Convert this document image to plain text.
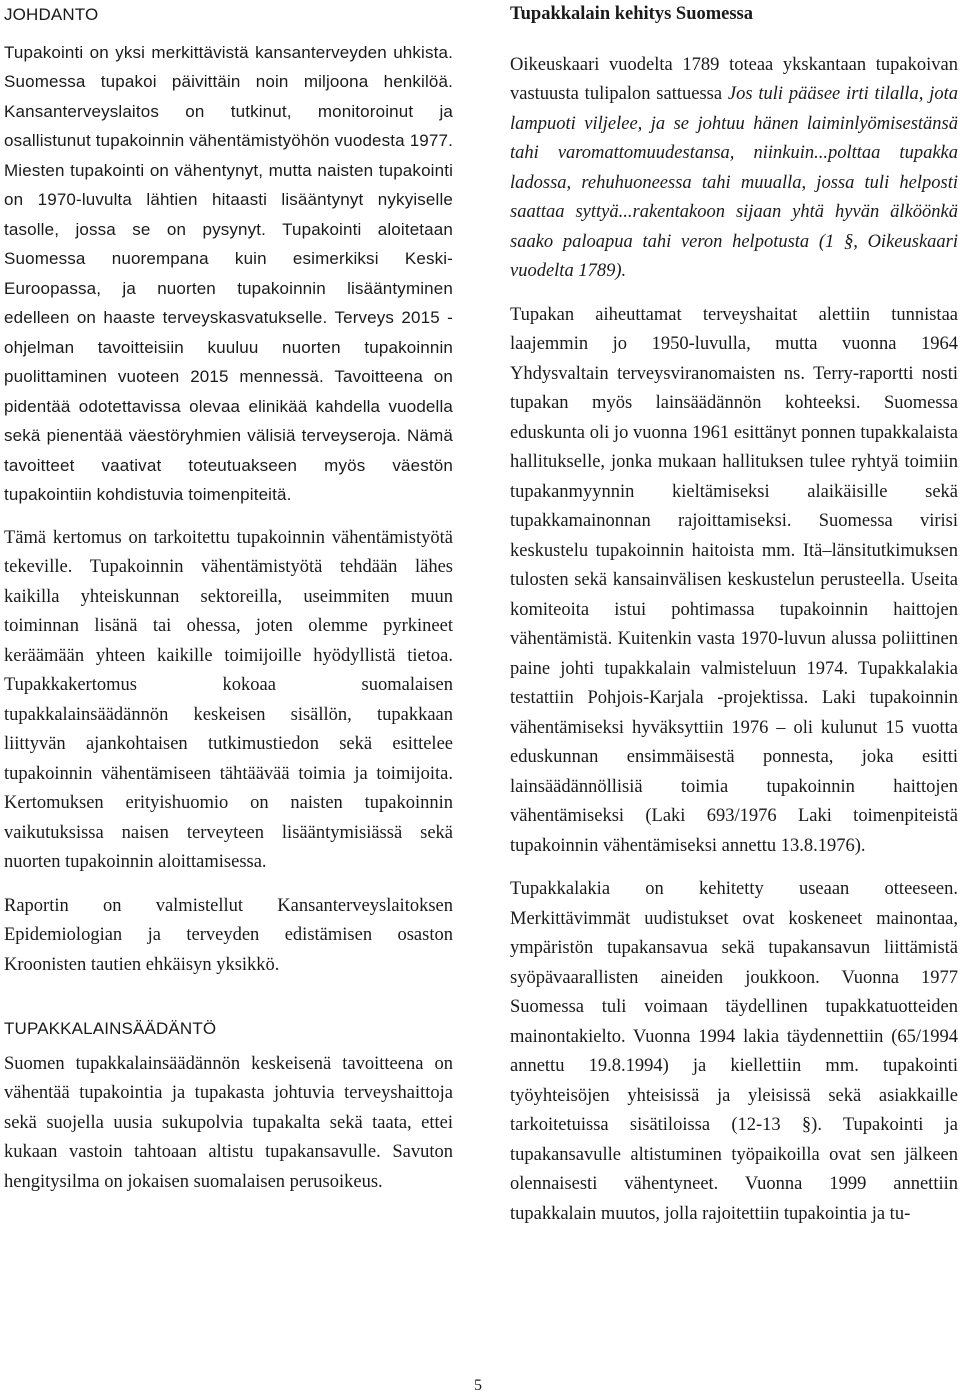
JOHDANTO

Tupakointi on yksi merkittävistä kansanterveyden uhkista. Suomessa tupakoi päivittäin noin miljoona henkilöä. Kansanterveyslaitos on tutkinut, monitoroinut ja osallistunut tupakoinnin vähentämistyöhön vuodesta 1977. Miesten tupakointi on vähentynyt, mutta naisten tupakointi on 1970-luvulta lähtien hitaasti lisääntynyt nykyiselle tasolle, jossa se on pysynyt. Tupakointi aloitetaan Suomessa nuorempana kuin esimerkiksi Keski-Euroopassa, ja nuorten tupakoinnin lisääntyminen edelleen on haaste terveyskasvatukselle. Terveys 2015 -ohjelman tavoitteisiin kuuluu nuorten tupakoinnin puolittaminen vuoteen 2015 mennessä. Tavoitteena on pidentää odotettavissa olevaa elinikää kahdella vuodella sekä pienentää väestöryhmien välisiä terveyseroja. Nämä tavoitteet vaativat toteutuakseen myös väestön tupakointiin kohdistuvia toimenpiteitä.

Tämä kertomus on tarkoitettu tupakoinnin vähentämistyötä tekeville. Tupakoinnin vähentämistyötä tehdään lähes kaikilla yhteiskunnan sektoreilla, useimmiten muun toiminnan lisänä tai ohessa, joten olemme pyrkineet keräämään yhteen kaikille toimijoille hyödyllistä tietoa. Tupakkakertomus kokoaa suomalaisen tupakkalainsäädännön keskeisen sisällön, tupakkaan liittyvän ajankohtaisen tutkimustiedon sekä esittelee tupakoinnin vähentämiseen tähtäävää toimia ja toimijoita. Kertomuksen erityishuomio on naisten tupakoinnin vaikutuksissa naisen terveyteen lisääntymisiässä sekä nuorten tupakoinnin aloittamisessa.

Raportin on valmistellut Kansanterveyslaitoksen Epidemiologian ja terveyden edistämisen osaston Kroonisten tautien ehkäisyn yksikkö.

TUPAKKALAINSÄÄDÄNTÖ

Suomen tupakkalainsäädännön keskeisenä tavoitteena on vähentää tupakointia ja tupakasta johtuvia terveyshaittoja sekä suojella uusia sukupolvia tupakalta sekä taata, ettei kukaan vastoin tahtoaan altistu tupakansavulle. Savuton hengitysilma on jokaisen suomalaisen perusoikeus.

Tupakkalain kehitys Suomessa

Oikeuskaari vuodelta 1789 toteaa ykskantaan tupakoivan vastuusta tulipalon sattuessa Jos tuli pääsee irti tilalla, jota lampuoti viljelee, ja se johtuu hänen laiminlyömisestänsä tahi varomattomuudestansa, niinkuin...polttaa tupakka ladossa, rehuhuoneessa tahi muualla, jossa tuli helposti saattaa syttyä...rakentakoon sijaan yhtä hyvän älköönkä saako paloapua tahi veron helpotusta (1 §, Oikeuskaari vuodelta 1789).

Tupakan aiheuttamat terveyshaitat alettiin tunnistaa laajemmin jo 1950-luvulla, mutta vuonna 1964 Yhdysvaltain terveysviranomaisten ns. Terry-raportti nosti tupakan myös lainsäädännön kohteeksi. Suomessa eduskunta oli jo vuonna 1961 esittänyt ponnen tupakkalaista hallitukselle, jonka mukaan hallituksen tulee ryhtyä toimiin tupakanmyynnin kieltämiseksi alaikäisille sekä tupakkamainonnan rajoittamiseksi. Suomessa virisi keskustelu tupakoinnin haitoista mm. Itä–länsitutkimuksen tulosten sekä kansainvälisen keskustelun perusteella. Useita komiteoita istui pohtimassa tupakoinnin haittojen vähentämistä. Kuitenkin vasta 1970-luvun alussa poliittinen paine johti tupakkalain valmisteluun 1974. Tupakkalakia testattiin Pohjois-Karjala -projektissa. Laki tupakoinnin vähentämiseksi hyväksyttiin 1976 – oli kulunut 15 vuotta eduskunnan ensimmäisestä ponnesta, joka esitti lainsäädännöllisiä toimia tupakoinnin haittojen vähentämiseksi (Laki 693/1976 Laki toimenpiteistä tupakoinnin vähentämiseksi annettu 13.8.1976).

Tupakkalakia on kehitetty useaan otteeseen. Merkittävimmät uudistukset ovat koskeneet mainontaa, ympäristön tupakansavua sekä tupakansavun liittämistä syöpävaarallisten aineiden joukkoon. Vuonna 1977 Suomessa tuli voimaan täydellinen tupakkatuotteiden mainontakielto. Vuonna 1994 lakia täydennettiin (65/1994 annettu 19.8.1994) ja kiellettiin mm. tupakointi työyhteisöjen yhteisissä ja yleisissä sekä asiakkaille tarkoitetuissa sisätiloissa (12-13 §). Tupakointi ja tupakansavulle altistuminen työpaikoilla ovat sen jälkeen olennaisesti vähentyneet. Vuonna 1999 annettiin tupakkalain muutos, jolla rajoitettiin tupakointia ja tu-

5
